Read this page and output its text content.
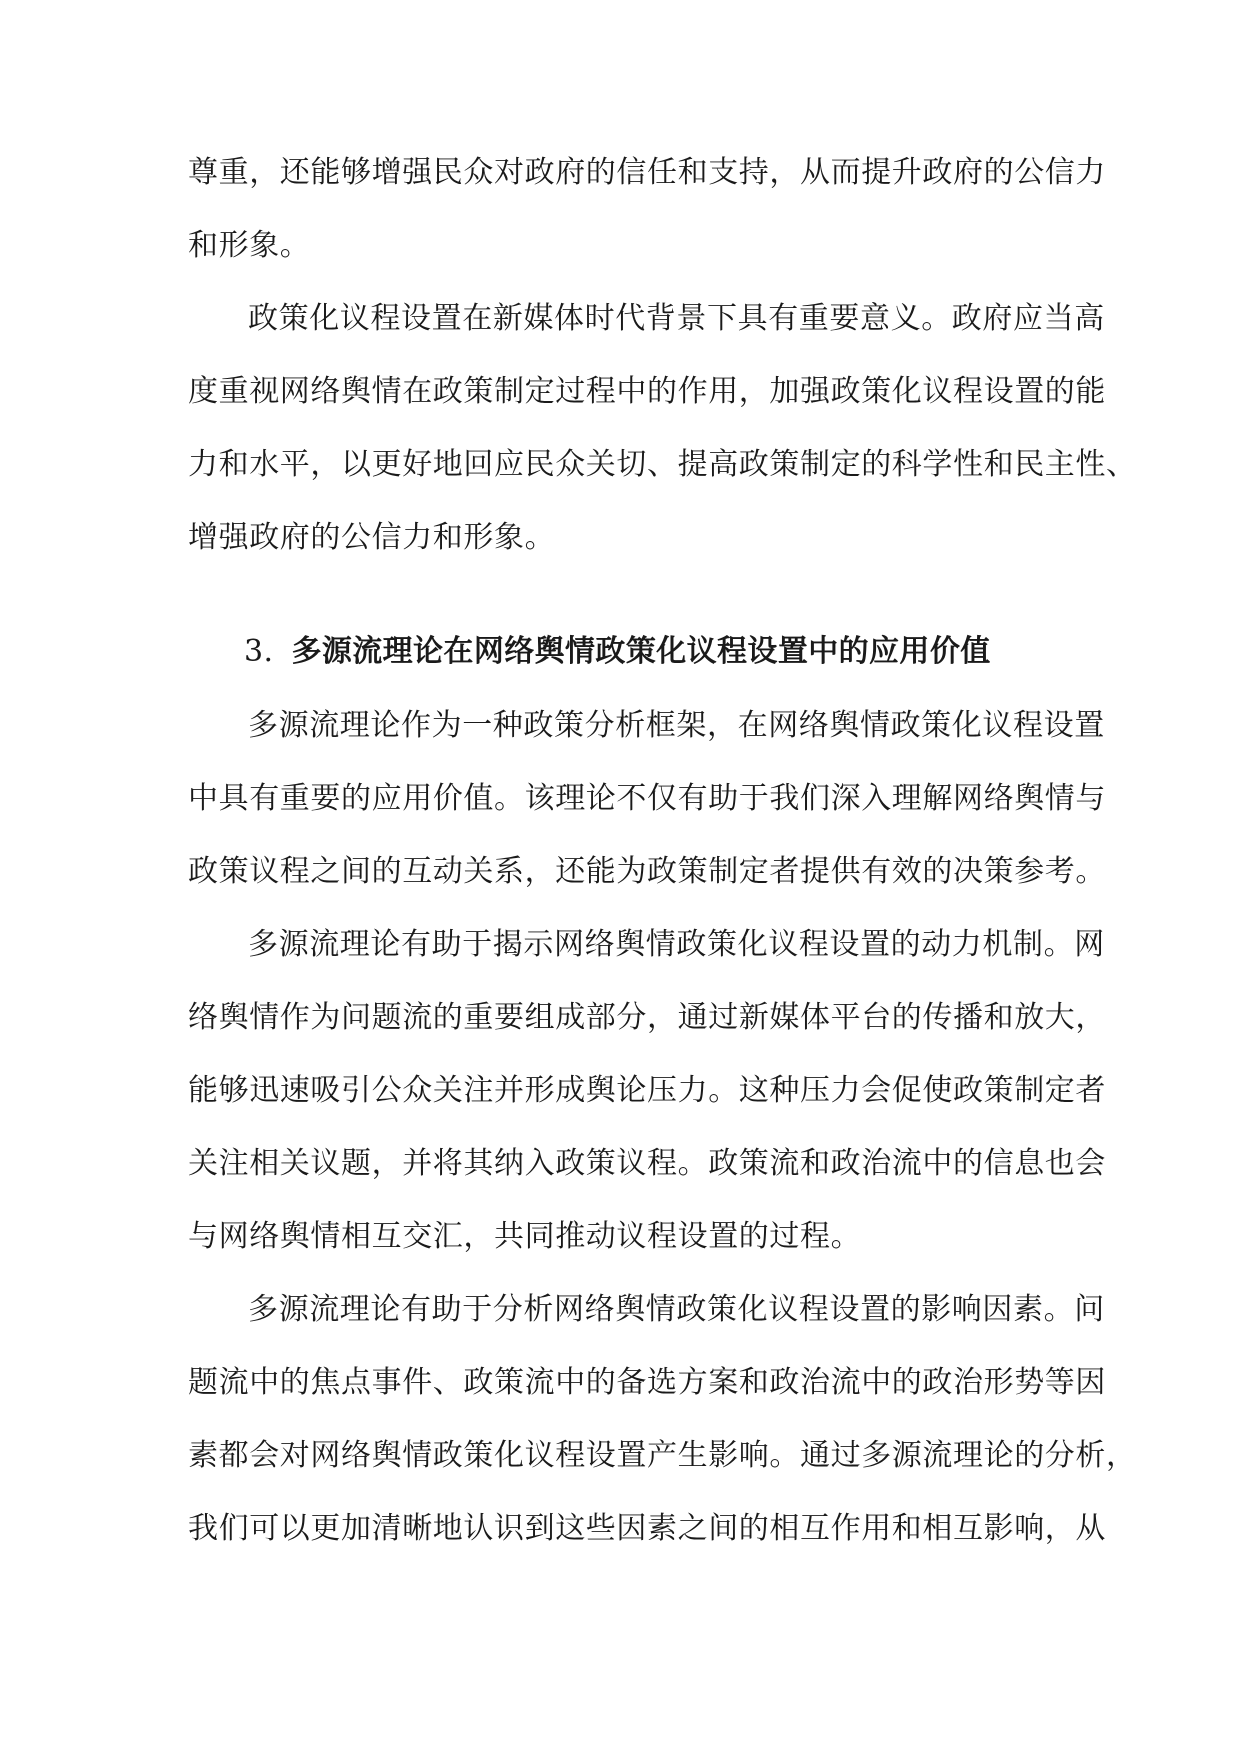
尊重，还能够增强民众对政府的信任和支持，从而提升政府的公信力
和形象。
政策化议程设置在新媒体时代背景下具有重要意义。政府应当高
度重视网络舆情在政策制定过程中的作用，加强政策化议程设置的能
力和水平，以更好地回应民众关切、提高政策制定的科学性和民主性、
增强政府的公信力和形象。
3. 多源流理论在网络舆情政策化议程设置中的应用价值
多源流理论作为一种政策分析框架，在网络舆情政策化议程设置
中具有重要的应用价值。该理论不仅有助于我们深入理解网络舆情与
政策议程之间的互动关系，还能为政策制定者提供有效的决策参考。
多源流理论有助于揭示网络舆情政策化议程设置的动力机制。网
络舆情作为问题流的重要组成部分，通过新媒体平台的传播和放大，
能够迅速吸引公众关注并形成舆论压力。这种压力会促使政策制定者
关注相关议题，并将其纳入政策议程。政策流和政治流中的信息也会
与网络舆情相互交汇，共同推动议程设置的过程。
多源流理论有助于分析网络舆情政策化议程设置的影响因素。问
题流中的焦点事件、政策流中的备选方案和政治流中的政治形势等因
素都会对网络舆情政策化议程设置产生影响。通过多源流理论的分析，
我们可以更加清晰地认识到这些因素之间的相互作用和相互影响，从
